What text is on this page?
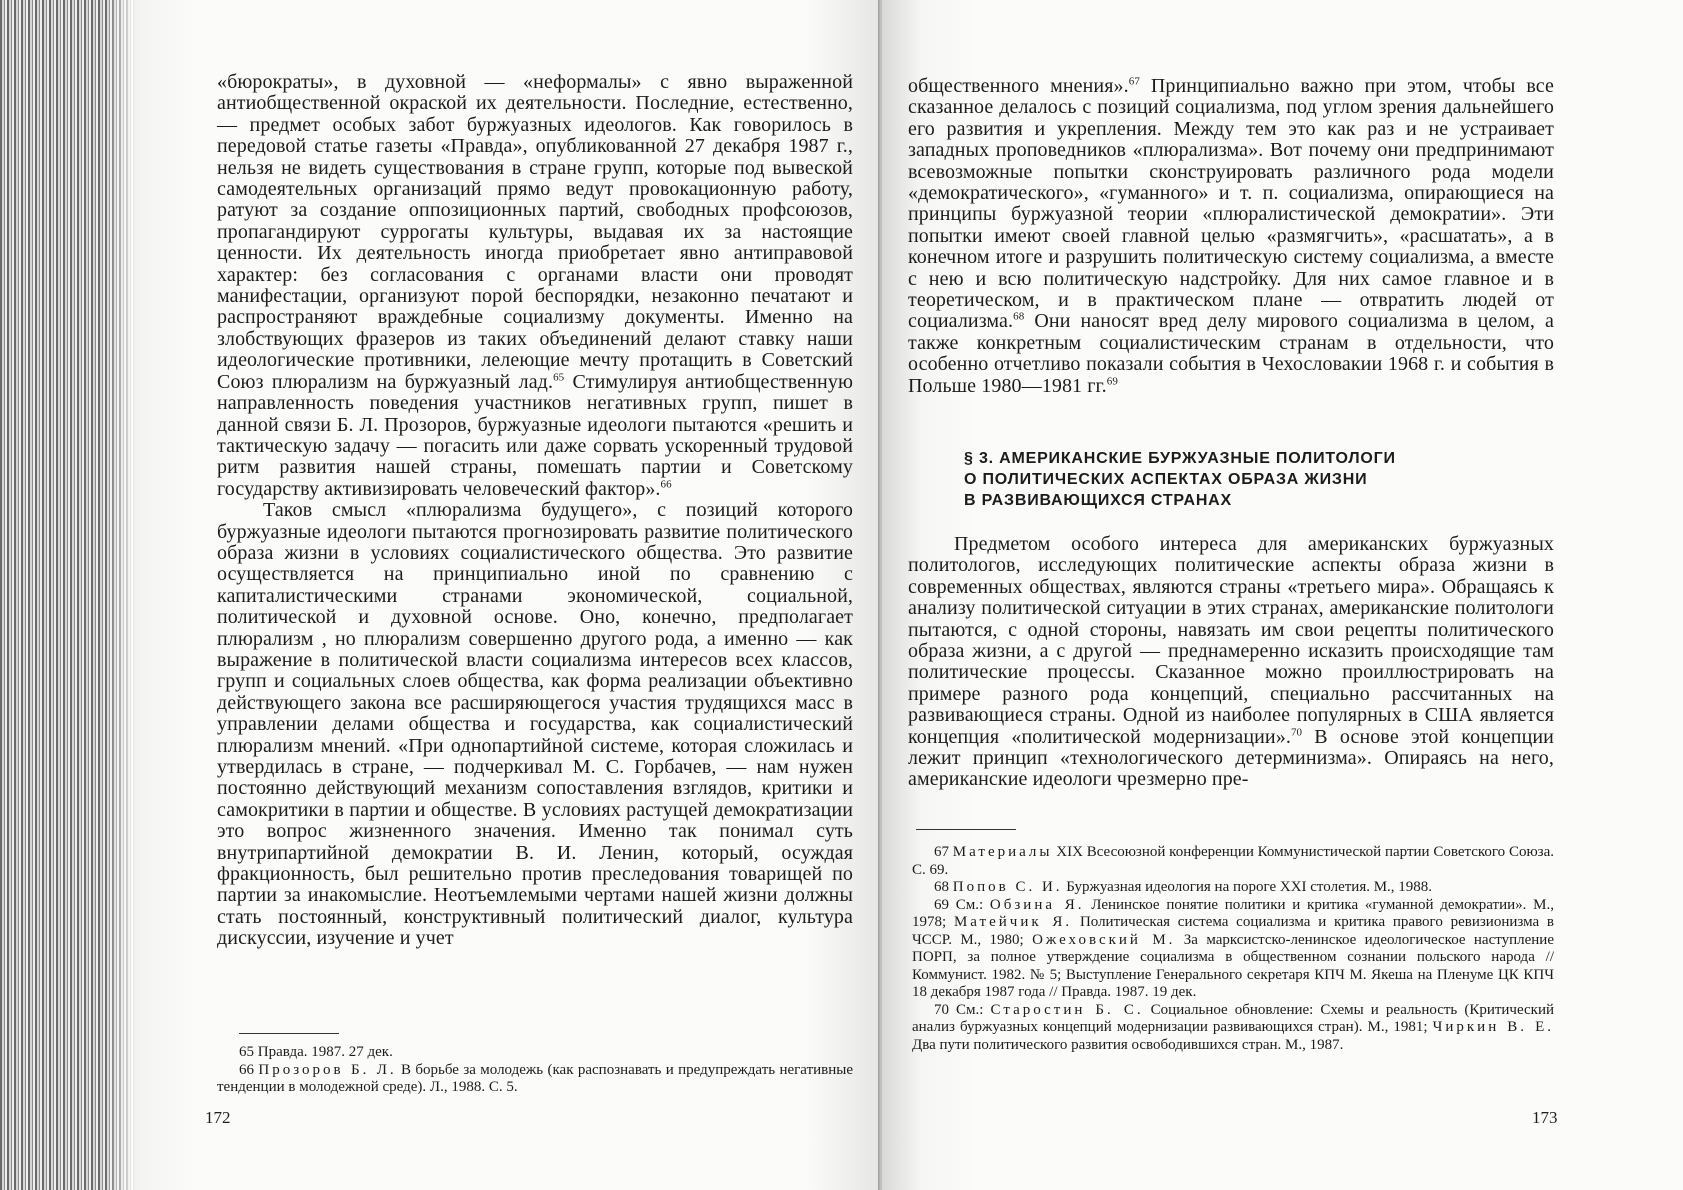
«бюрократы», в духовной — «неформалы» с явно выраженной антиобщественной окраской их деятельности. Последние, естественно, — предмет особых забот буржуазных идеологов. Как говорилось в передовой статье газеты «Правда», опубликованной 27 декабря 1987 г., нельзя не видеть существования в стране групп, которые под вывеской самодеятельных организаций прямо ведут провокационную работу, ратуют за создание оппозиционных партий, свободных профсоюзов, пропагандируют суррогаты культуры, выдавая их за настоящие ценности. Их деятельность иногда приобретает явно антиправовой характер: без согласования с органами власти они проводят манифестации, организуют порой беспорядки, незаконно печатают и распространяют враждебные социализму документы. Именно на злобствующих фразеров из таких объединений делают ставку наши идеологические противники, лелеющие мечту протащить в Советский Союз плюрализм на буржуазный лад.$^{65}$ Стимулируя антиобщественную направленность поведения участников негативных групп, пишет в данной связи Б. Л. Прозоров, буржуазные идеологи пытаются «решить и тактическую задачу — погасить или даже сорвать ускоренный трудовой ритм развития нашей страны, помешать партии и Советскому государству активизировать человеческий фактор».$^{66}$

Таков смысл «плюрализма будущего», с позиций которого буржуазные идеологи пытаются прогнозировать развитие политического образа жизни в условиях социалистического общества. Это развитие осуществляется на принципиально иной по сравнению с капиталистическими странами экономической, социальной, политической и духовной основе. Оно, конечно, предполагает плюрализм , но плюрализм совершенно другого рода, а именно — как выражение в политической власти социализма интересов всех классов, групп и социальных слоев общества, как форма реализации объективно действующего закона все расширяющегося участия трудящихся масс в управлении делами общества и государства, как социалистический плюрализм мнений. «При однопартийной системе, которая сложилась и утвердилась в стране, — подчеркивал М. С. Горбачев, — нам нужен постоянно действующий механизм сопоставления взглядов, критики и самокритики в партии и обществе. В условиях растущей демократизации это вопрос жизненного значения. Именно так понимал суть внутрипартийной демократии В. И. Ленин, который, осуждая фракционность, был решительно против преследования товарищей по партии за инакомыслие. Неотъемлемыми чертами нашей жизни должны стать постоянный, конструктивный политический диалог, культура дискуссии, изучение и учет

65 Правда. 1987. 27 дек.

66 Прозоров Б. Л. В борьбе за молодежь (как распознавать и предупреждать негативные тенденции в молодежной среде). Л., 1988. С. 5.

172

общественного мнения».$^{67}$ Принципиально важно при этом, чтобы все сказанное делалось с позиций социализма, под углом зрения дальнейшего его развития и укрепления. Между тем это как раз и не устраивает западных проповедников «плюрализма». Вот почему они предпринимают всевозможные попытки сконструировать различного рода модели «демократического», «гуманного» и т. п. социализма, опирающиеся на принципы буржуазной теории «плюралистической демократии». Эти попытки имеют своей главной целью «размягчить», «расшатать», а в конечном итоге и разрушить политическую систему социализма, а вместе с нею и всю политическую надстройку. Для них самое главное и в теоретическом, и в практическом плане — отвратить людей от социализма.$^{68}$ Они наносят вред делу мирового социализма в целом, а также конкретным социалистическим странам в отдельности, что особенно отчетливо показали события в Чехословакии 1968 г. и события в Польше 1980—1981 гг.$^{69}$

§ 3. АМЕРИКАНСКИЕ БУРЖУАЗНЫЕ ПОЛИТОЛОГИ
О ПОЛИТИЧЕСКИХ АСПЕКТАХ ОБРАЗА ЖИЗНИ
В РАЗВИВАЮЩИХСЯ СТРАНАХ

Предметом особого интереса для американских буржуазных политологов, исследующих политические аспекты образа жизни в современных обществах, являются страны «третьего мира». Обращаясь к анализу политической ситуации в этих странах, американские политологи пытаются, с одной стороны, навязать им свои рецепты политического образа жизни, а с другой — преднамеренно исказить происходящие там политические процессы. Сказанное можно проиллюстрировать на примере разного рода концепций, специально рассчитанных на развивающиеся страны. Одной из наиболее популярных в США является концепция «политической модернизации».$^{70}$ В основе этой концепции лежит принцип «технологического детерминизма». Опираясь на него, американские идеологи чрезмерно пре-

67 Материалы XIX Всесоюзной конференции Коммунистической партии Советского Союза. С. 69.

68 Попов С. И. Буржуазная идеология на пороге XXI столетия. М., 1988.

69 См.: Обзина Я. Ленинское понятие политики и критика «гуманной демократии». М., 1978; Матейчик Я. Политическая система социализма и критика правого ревизионизма в ЧССР. М., 1980; Ожеховский М. За марксистско-ленинское идеологическое наступление ПОРП, за полное утверждение социализма в общественном сознании польского народа // Коммунист. 1982. № 5; Выступление Генерального секретаря КПЧ М. Якеша на Пленуме ЦК КПЧ 18 декабря 1987 года // Правда. 1987. 19 дек.

70 См.: Старостин Б. С. Социальное обновление: Схемы и реальность (Критический анализ буржуазных концепций модернизации развивающихся стран). М., 1981; Чиркин В. Е. Два пути политического развития освободившихся стран. М., 1987.

173
